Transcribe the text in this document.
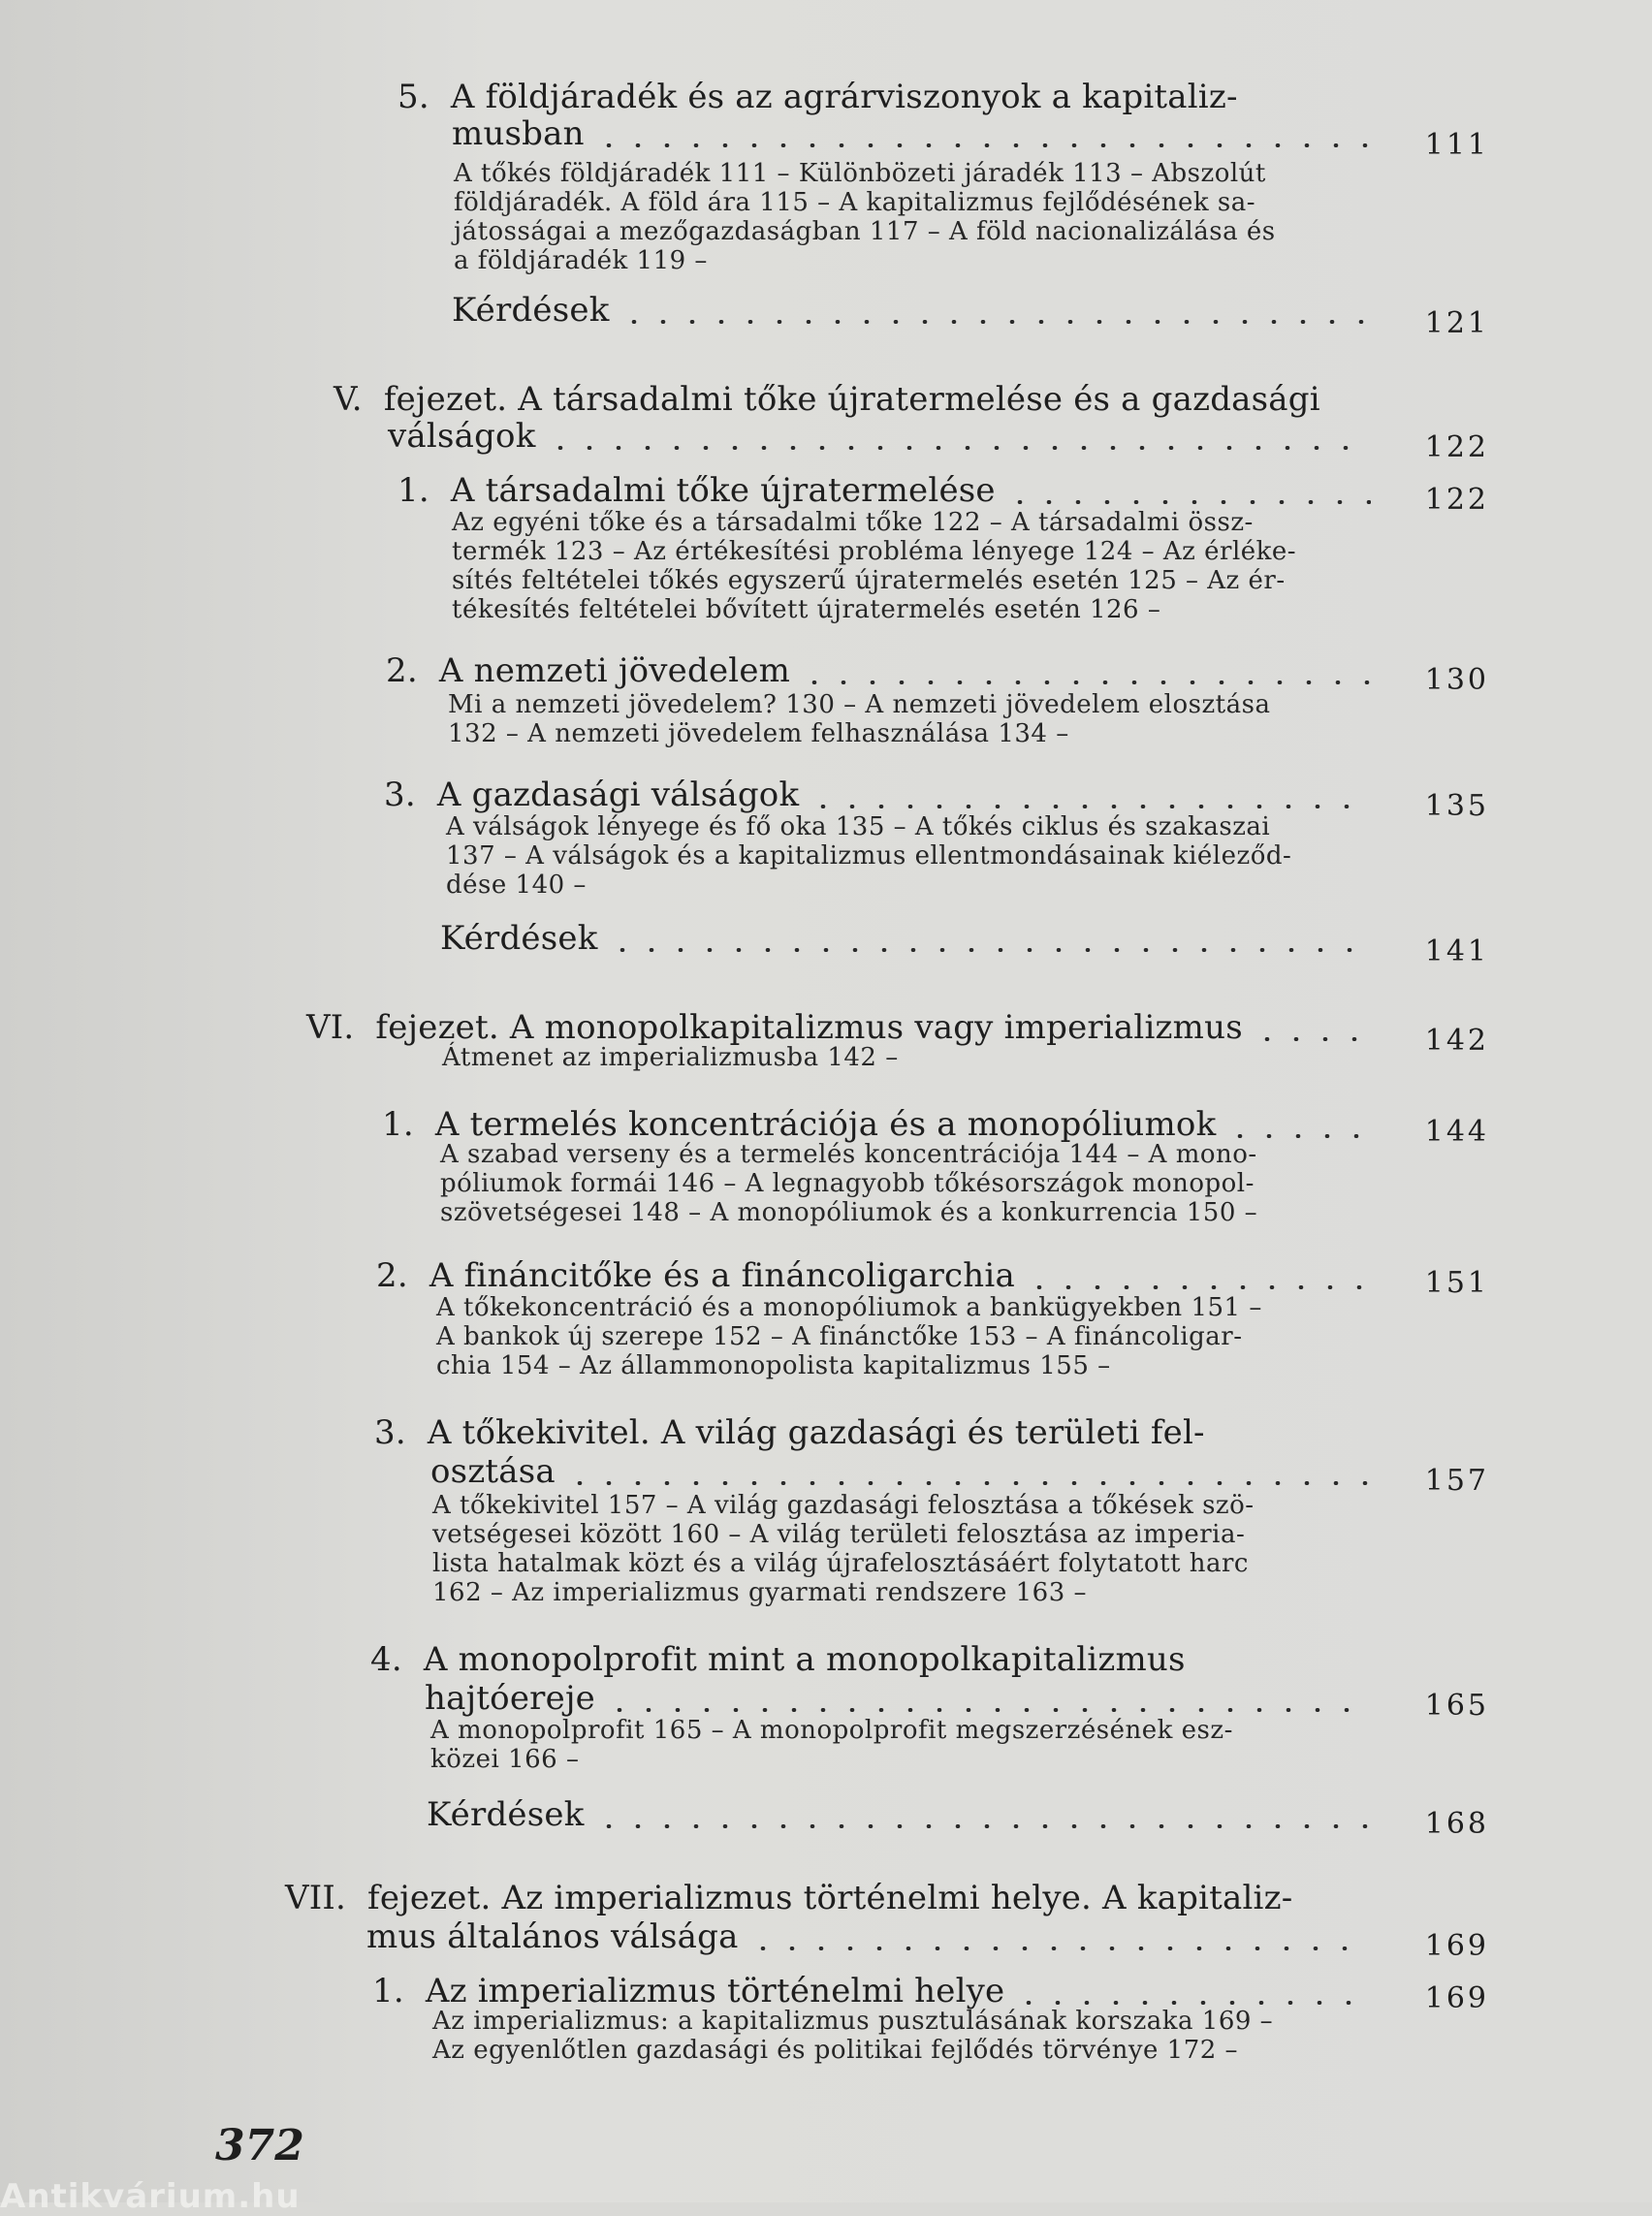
5. A földjáradék és az agrárviszonyok a kapitaliz-
musban	111
A tőkés földjáradék 111 – Különbözeti járadék 113 – Abszolút
földjáradék. A föld ára 115 – A kapitalizmus fejlődésének sa-
játosságai a mezőgazdaságban 117 – A föld nacionalizálása és
a földjáradék 119 –
Kérdések	121
V. fejezet. A társadalmi tőke újratermelése és a gazdasági
válságok	122
1. A társadalmi tőke újratermelése	122
Az egyéni tőke és a társadalmi tőke 122 – A társadalmi össz-
termék 123 – Az értékesítési probléma lényege 124 – Az érléke-
sítés feltételei tőkés egyszerű újratermelés esetén 125 – Az ér-
tékesítés feltételei bővített újratermelés esetén 126 –
2. A nemzeti jövedelem	130
Mi a nemzeti jövedelem? 130 – A nemzeti jövedelem elosztása
132 – A nemzeti jövedelem felhasználása 134 –
3. A gazdasági válságok	135
A válságok lényege és fő oka 135 – A tőkés ciklus és szakaszai
137 – A válságok és a kapitalizmus ellentmondásainak kiéleződ-
dése 140 –
Kérdések	141
VI. fejezet. A monopolkapitalizmus vagy imperializmus	142
Átmenet az imperializmusba 142 –
1. A termelés koncentrációja és a monopóliumok	144
A szabad verseny és a termelés koncentrációja 144 – A mono-
póliumok formái 146 – A legnagyobb tőkésországok monopol-
szövetségesei 148 – A monopóliumok és a konkurrencia 150 –
2. A fináncitőke és a fináncoligarchia	151
A tőkekoncentráció és a monopóliumok a bankügyekben 151 –
A bankok új szerepe 152 – A finánctőke 153 – A fináncoligar-
chia 154 – Az állammonopolista kapitalizmus 155 –
3. A tőkekivitel. A világ gazdasági és területi fel-
osztása	157
A tőkekivitel 157 – A világ gazdasági felosztása a tőkések szö-
vetségesei között 160 – A világ területi felosztása az imperia-
lista hatalmak közt és a világ újrafelosztásáért folytatott harc
162 – Az imperializmus gyarmati rendszere 163 –
4. A monopolprofit mint a monopolkapitalizmus
hajtóereje	165
A monopolprofit 165 – A monopolprofit megszerzésének esz-
közei 166 –
Kérdések	168
VII. fejezet. Az imperializmus történelmi helye. A kapitaliz-
mus általános válsága	169
1. Az imperializmus történelmi helye	169
Az imperializmus: a kapitalizmus pusztulásának korszaka 169 –
Az egyenlőtlen gazdasági és politikai fejlődés törvénye 172 –
372
Antikvárium.hu
